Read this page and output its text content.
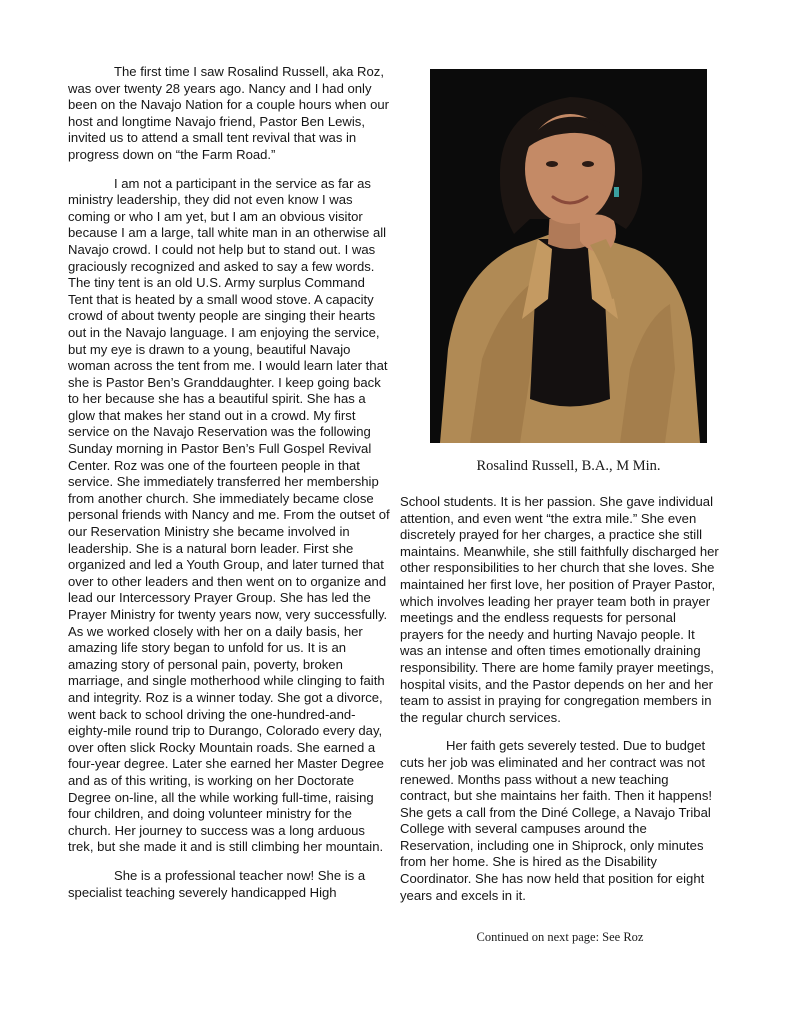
The first time I saw Rosalind Russell, aka Roz, was over twenty 28 years ago. Nancy and I had only been on the Navajo Nation for a couple hours when our host and longtime Navajo friend, Pastor Ben Lewis, invited us to attend a small tent revival that was in progress down on “the Farm Road.”

I am not a participant in the service as far as ministry leadership, they did not even know I was coming or who I am yet, but I am an obvious visitor because I am a large, tall white man in an otherwise all Navajo crowd. I could not help but to stand out. I was graciously recognized and asked to say a few words. The tiny tent is an old U.S. Army surplus Command Tent that is heated by a small wood stove. A capacity crowd of about twenty people are singing their hearts out in the Navajo language. I am enjoying the service, but my eye is drawn to a young, beautiful Navajo woman across the tent from me. I would learn later that she is Pastor Ben’s Granddaughter. I keep going back to her because she has a beautiful spirit. She has a glow that makes her stand out in a crowd. My first service on the Navajo Reservation was the following Sunday morning in Pastor Ben’s Full Gospel Revival Center. Roz was one of the fourteen people in that service. She immediately transferred her membership from another church. She immediately became close personal friends with Nancy and me. From the outset of our Reservation Ministry she became involved in leadership. She is a natural born leader. First she organized and led a Youth Group, and later turned that over to other leaders and then went on to organize and lead our Intercessory Prayer Group. She has led the Prayer Ministry for twenty years now, very successfully. As we worked closely with her on a daily basis, her amazing life story began to unfold for us. It is an amazing story of personal pain, poverty, broken marriage, and single motherhood while clinging to faith and integrity. Roz is a winner today. She got a divorce, went back to school driving the one-hundred-and-eighty-mile round trip to Durango, Colorado every day, over often slick Rocky Mountain roads. She earned a four-year degree. Later she earned her Master Degree and as of this writing, is working on her Doctorate Degree on-line, all the while working full-time, raising four children, and doing volunteer ministry for the church. Her journey to success was a long arduous trek, but she made it and is still climbing her mountain.

She is a professional teacher now! She is a specialist teaching severely handicapped High

Rosalind Russell, B.A., M Min.

School students. It is her passion. She gave individual attention, and even went “the extra mile.” She even discretely prayed for her charges, a practice she still maintains. Meanwhile, she still faithfully discharged her other responsibilities to her church that she loves. She maintained her first love, her position of Prayer Pastor, which involves leading her prayer team both in prayer meetings and the endless requests for personal prayers for the needy and hurting Navajo people. It was an intense and often times emotionally draining responsibility. There are home family prayer meetings, hospital visits, and the Pastor depends on her and her team to assist in praying for congregation members in the regular church services.

Her faith gets severely tested. Due to budget cuts her job was eliminated and her contract was not renewed. Months pass without a new teaching contract, but she maintains her faith. Then it happens! She gets a call from the Diné College, a Navajo Tribal College with several campuses around the Reservation, including one in Shiprock, only minutes from her home. She is hired as the Disability Coordinator. She has now held that position for eight years and excels in it.

Continued on next page: See Roz
